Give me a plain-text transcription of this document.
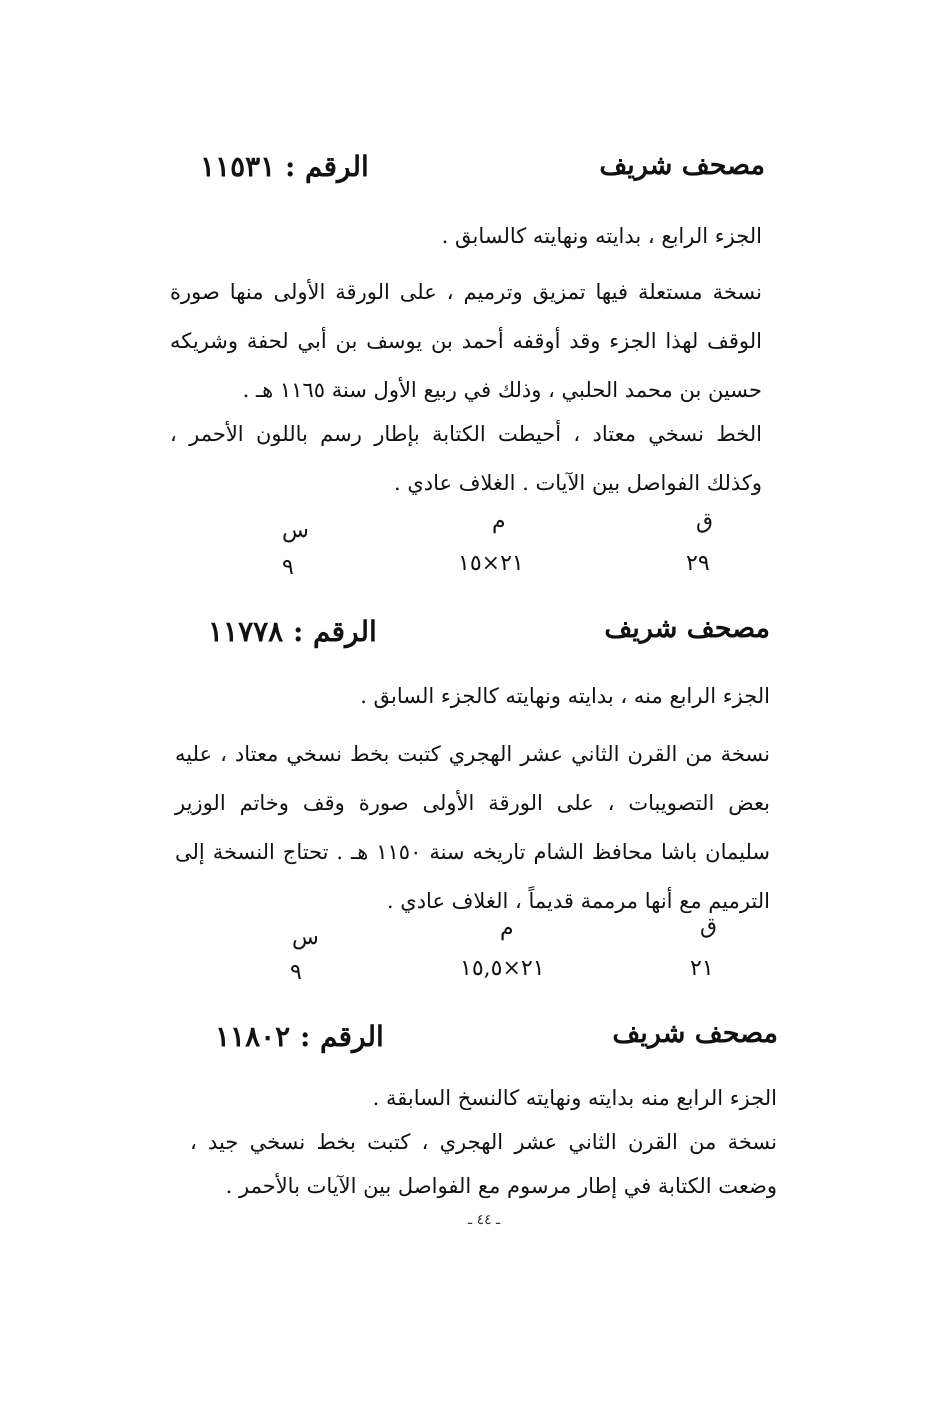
مصحف شريف
الرقم : ١١٥٣١

الجزء الرابع ، بدايته ونهايته كالسابق .

نسخة مستعلة فيها تمزيق وترميم ، على الورقة الأولى منها صورة الوقف لهذا الجزء وقد أوقفه أحمد بن يوسف بن أبي لحفة وشريكه حسين بن محمد الحلبي ، وذلك في ربيع الأول سنة ١١٦٥ هـ .

الخط نسخي معتاد ، أحيطت الكتابة بإطار رسم باللون الأحمر ، وكذلك الفواصل بين الآيات . الغلاف عادي .

ق
م
س
٢٩
٢١×١٥
٩
مصحف شريف
الرقم : ١١٧٧٨

الجزء الرابع منه ، بدايته ونهايته كالجزء السابق .

نسخة من القرن الثاني عشر الهجري كتبت بخط نسخي معتاد ، عليه بعض التصويبات ، على الورقة الأولى صورة وقف وخاتم الوزير سليمان باشا محافظ الشام تاريخه سنة ١١٥٠ هـ . تحتاج النسخة إلى الترميم مع أنها مرممة قديماً ، الغلاف عادي .

ق
م
س
٢١
٢١×١٥,٥
٩
مصحف شريف
الرقم : ١١٨٠٢

الجزء الرابع منه بدايته ونهايته كالنسخ السابقة .

نسخة من القرن الثاني عشر الهجري ، كتبت بخط نسخي جيد ، وضعت الكتابة في إطار مرسوم مع الفواصل بين الآيات بالأحمر .

ـ ٤٤ ـ
